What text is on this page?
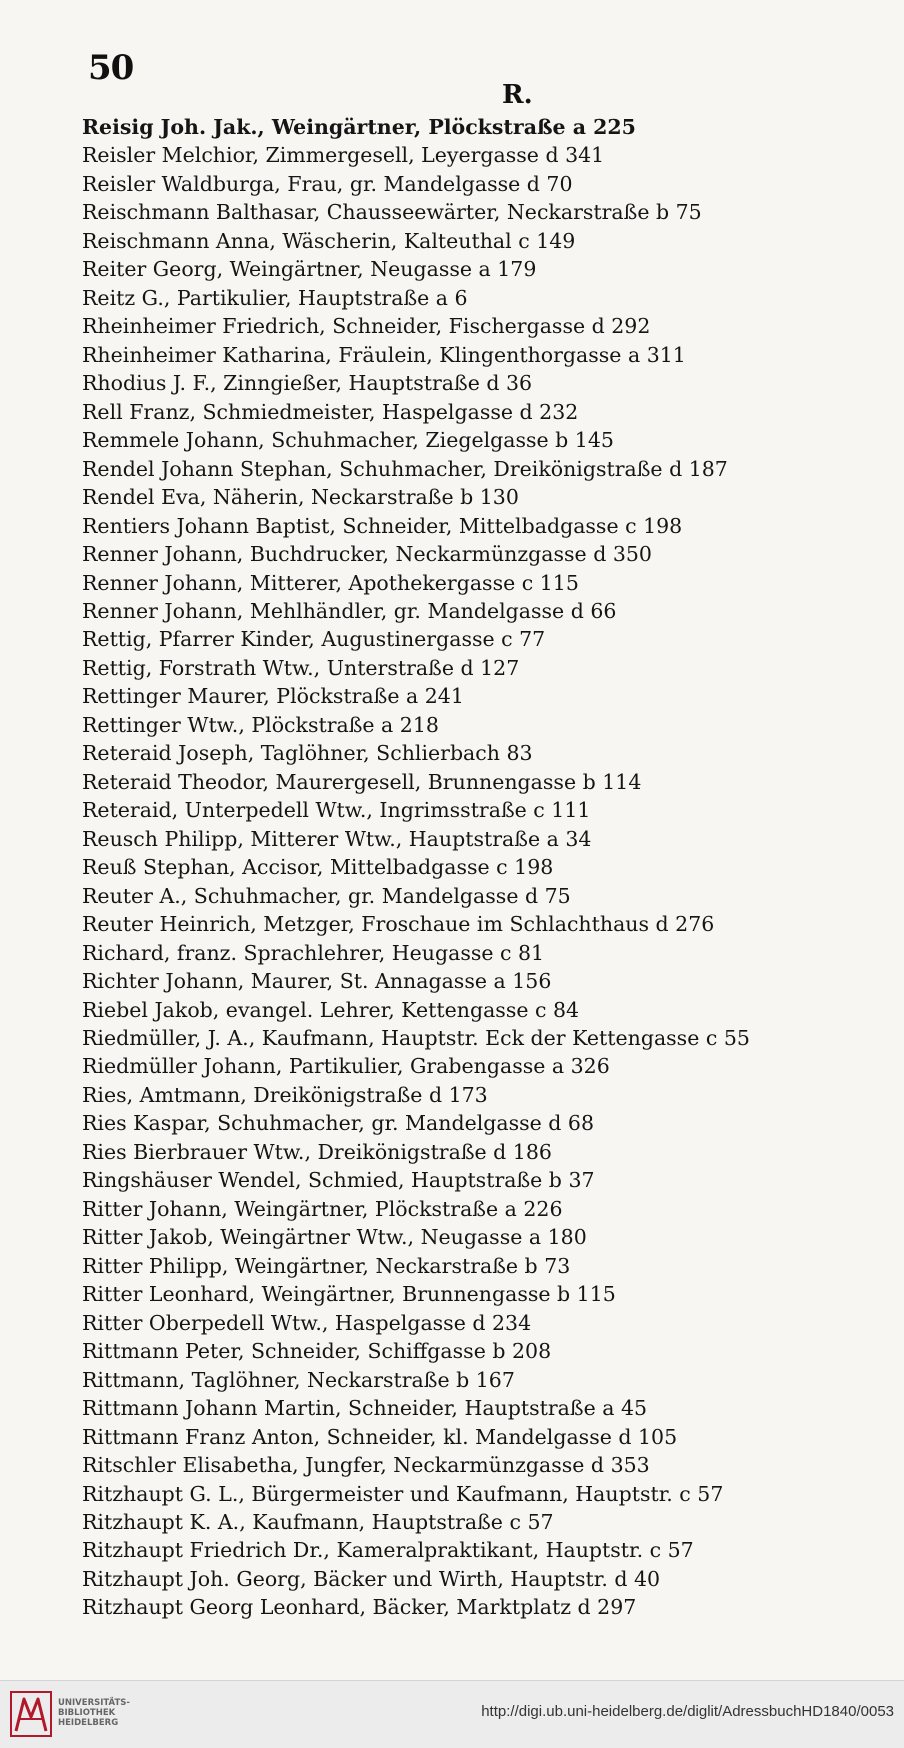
50
R.
Reisig Joh. Jak., Weingärtner, Plöckstraße a 225
Reisler Melchior, Zimmergesell, Leyergasse d 341
Reisler Waldburga, Frau, gr. Mandelgasse d 70
Reischmann Balthasar, Chausseewärter, Neckarstraße b 75
Reischmann Anna, Wäscherin, Kalteuthal c 149
Reiter Georg, Weingärtner, Neugasse a 179
Reitz G., Partikulier, Hauptstraße a 6
Rheinheimer Friedrich, Schneider, Fischergasse d 292
Rheinheimer Katharina, Fräulein, Klingenthorgasse a 311
Rhodius J. F., Zinngießer, Hauptstraße d 36
Rell Franz, Schmiedmeister, Haspelgasse d 232
Remmele Johann, Schuhmacher, Ziegelgasse b 145
Rendel Johann Stephan, Schuhmacher, Dreikönigstraße d 187
Rendel Eva, Näherin, Neckarstraße b 130
Rentiers Johann Baptist, Schneider, Mittelbadgasse c 198
Renner Johann, Buchdrucker, Neckarmünzgasse d 350
Renner Johann, Mitterer, Apothekergasse c 115
Renner Johann, Mehlhändler, gr. Mandelgasse d 66
Rettig, Pfarrer Kinder, Augustinergasse c 77
Rettig, Forstrath Wtw., Unterstraße d 127
Rettinger Maurer, Plöckstraße a 241
Rettinger Wtw., Plöckstraße a 218
Reteraid Joseph, Taglöhner, Schlierbach 83
Reteraid Theodor, Maurergesell, Brunnengasse b 114
Reteraid, Unterpedell Wtw., Ingrimsstraße c 111
Reusch Philipp, Mitterer Wtw., Hauptstraße a 34
Reuß Stephan, Accisor, Mittelbadgasse c 198
Reuter A., Schuhmacher, gr. Mandelgasse d 75
Reuter Heinrich, Metzger, Froschaue im Schlachthaus d 276
Richard, franz. Sprachlehrer, Heugasse c 81
Richter Johann, Maurer, St. Annagasse a 156
Riebel Jakob, evangel. Lehrer, Kettengasse c 84
Riedmüller, J. A., Kaufmann, Hauptstr. Eck der Kettengasse c 55
Riedmüller Johann, Partikulier, Grabengasse a 326
Ries, Amtmann, Dreikönigstraße d 173
Ries Kaspar, Schuhmacher, gr. Mandelgasse d 68
Ries Bierbrauer Wtw., Dreikönigstraße d 186
Ringshäuser Wendel, Schmied, Hauptstraße b 37
Ritter Johann, Weingärtner, Plöckstraße a 226
Ritter Jakob, Weingärtner Wtw., Neugasse a 180
Ritter Philipp, Weingärtner, Neckarstraße b 73
Ritter Leonhard, Weingärtner, Brunnengasse b 115
Ritter Oberpedell Wtw., Haspelgasse d 234
Rittmann Peter, Schneider, Schiffgasse b 208
Rittmann, Taglöhner, Neckarstraße b 167
Rittmann Johann Martin, Schneider, Hauptstraße a 45
Rittmann Franz Anton, Schneider, kl. Mandelgasse d 105
Ritschler Elisabetha, Jungfer, Neckarmünzgasse d 353
Ritzhaupt G. L., Bürgermeister und Kaufmann, Hauptstr. c 57
Ritzhaupt K. A., Kaufmann, Hauptstraße c 57
Ritzhaupt Friedrich Dr., Kameralpraktikant, Hauptstr. c 57
Ritzhaupt Joh. Georg, Bäcker und Wirth, Hauptstr. d 40
Ritzhaupt Georg Leonhard, Bäcker, Marktplatz d 297
UNIVERSITÄTS-
BIBLIOTHEK
HEIDELBERG
http://digi.ub.uni-heidelberg.de/diglit/AdressbuchHD1840/0053
